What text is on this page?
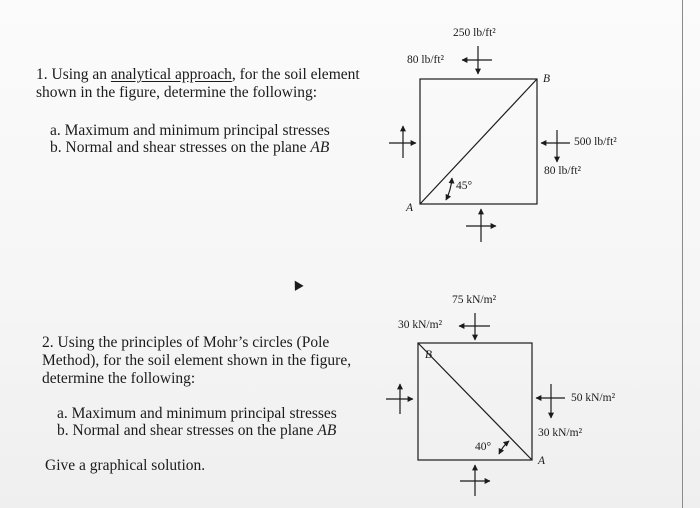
1. Using an analytical approach, for the soil element
shown in the figure, determine the following:
a. Maximum and minimum principal stresses
b. Normal and shear stresses on the plane AB
2. Using the principles of Mohr’s circles (Pole
Method), for the soil element shown in the figure,
determine the following:
a. Maximum and minimum principal stresses
b. Normal and shear stresses on the plane AB
Give a graphical solution.
250 lb/ft²
80 lb/ft²
500 lb/ft²
80 lb/ft²
45°
A
B
75 kN/m²
30 kN/m²
50 kN/m²
30 kN/m²
40°
A
B
